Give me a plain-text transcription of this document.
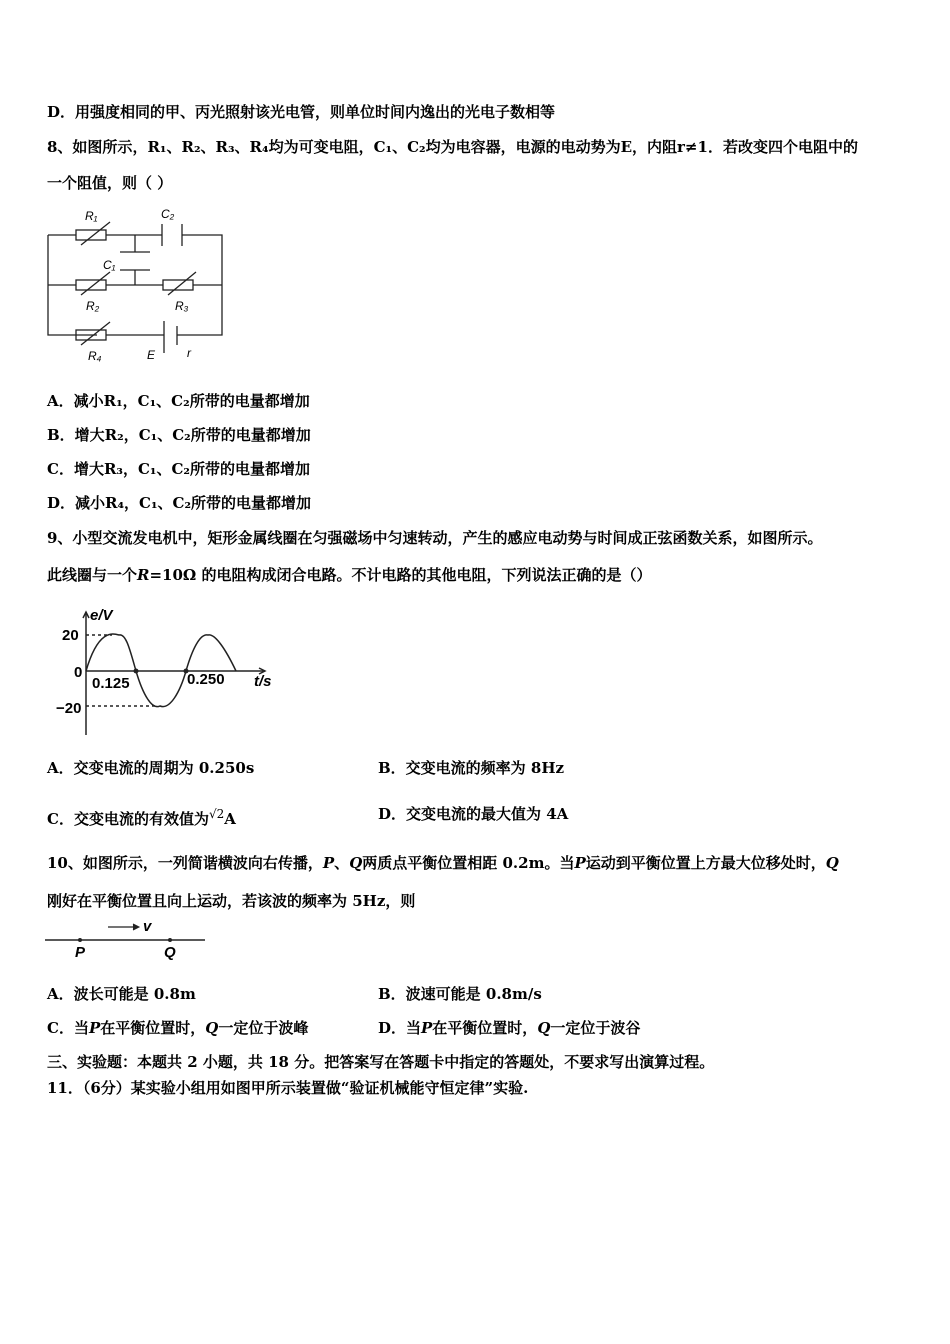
D．用强度相同的甲、丙光照射该光电管，则单位时间内逸出的光电子数相等
8、如图所示，R₁、R₂、R₃、R₄均为可变电阻，C₁、C₂均为电容器，电源的电动势为E，内阻r≠1．若改变四个电阻中的
一个阻值，则（ ）
R₁	C₂
C₁
R₂	R₃
R₄	E	r
A．减小R₁，C₁、C₂所带的电量都增加
B．增大R₂，C₁、C₂所带的电量都增加
C．增大R₃，C₁、C₂所带的电量都增加
D．减小R₄，C₁、C₂所带的电量都增加
9、小型交流发电机中，矩形金属线圈在匀强磁场中匀速转动，产生的感应电动势与时间成正弦函数关系，如图所示。
此线圈与一个R=10Ω 的电阻构成闭合电路。不计电路的其他电阻，下列说法正确的是（）
e/V
20
0
−20
0.125	0.250 t/s
A．交变电流的周期为 0.250s	B．交变电流的频率为 8Hz
C．交变电流的有效值为$^{√2}$A	D．交变电流的最大值为 4A
10、如图所示，一列简谐横波向右传播，P、Q两质点平衡位置相距 0.2m。当P运动到平衡位置上方最大位移处时，Q
刚好在平衡位置且向上运动，若该波的频率为 5Hz，则
v
P	Q
A．波长可能是 0.8m	B．波速可能是 0.8m/s
C．当P在平衡位置时，Q一定位于波峰	D．当P在平衡位置时，Q一定位于波谷
三、实验题：本题共 2 小题，共 18 分。把答案写在答题卡中指定的答题处，不要求写出演算过程。
11．（6分）某实验小组用如图甲所示装置做“验证机械能守恒定律”实验.
